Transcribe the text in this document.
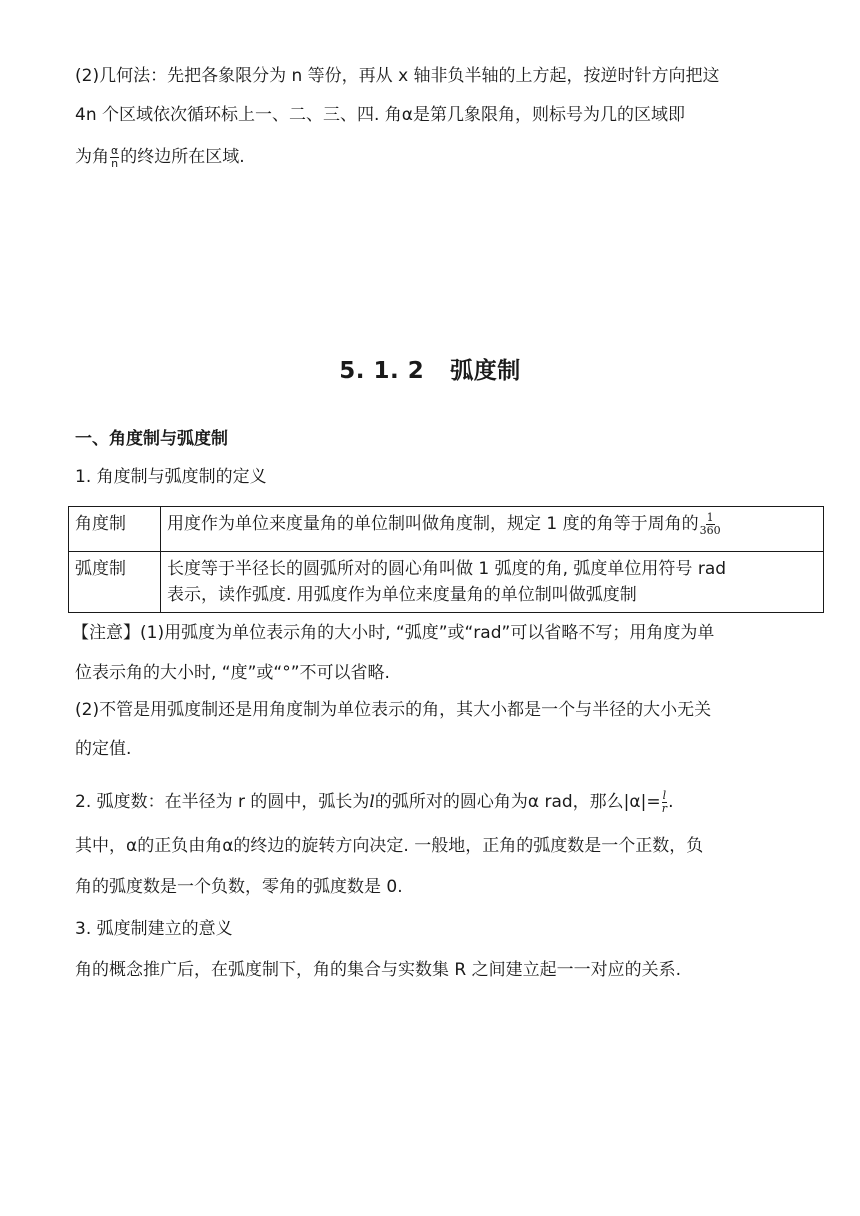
(2)几何法：先把各象限分为 n 等份，再从 x 轴非负半轴的上方起，按逆时针方向把这
4n 个区域依次循环标上一、二、三、四. 角α是第几象限角，则标号为几的区域即
为角 $\frac{\alpha}{n}$ 的终边所在区域.
5. 1. 2 弧度制
一、角度制与弧度制
1. 角度制与弧度制的定义
角度制	用度作为单位来度量角的单位制叫做角度制，规定 1 度的角等于周角的 $\frac{1}{360}$

弧度制	长度等于半径长的圆弧所对的圆心角叫做 1 弧度的角, 弧度单位用符号 rad
表示，读作弧度. 用弧度作为单位来度量角的单位制叫做弧度制
【注意】(1)用弧度为单位表示角的大小时, “弧度”或“rad”可以省略不写；用角度为单
位表示角的大小时, “度”或“°”不可以省略.
(2)不管是用弧度制还是用角度制为单位表示的角，其大小都是一个与半径的大小无关
的定值.
2. 弧度数：在半径为 r 的圆中，弧长为l的弧所对的圆心角为α rad，那么$|\alpha|= \frac{l}{r}$ .
其中，α的正负由角α的终边的旋转方向决定. 一般地，正角的弧度数是一个正数，负
角的弧度数是一个负数，零角的弧度数是 0.
3. 弧度制建立的意义
角的概念推广后，在弧度制下，角的集合与实数集 R 之间建立起一一对应的关系.
